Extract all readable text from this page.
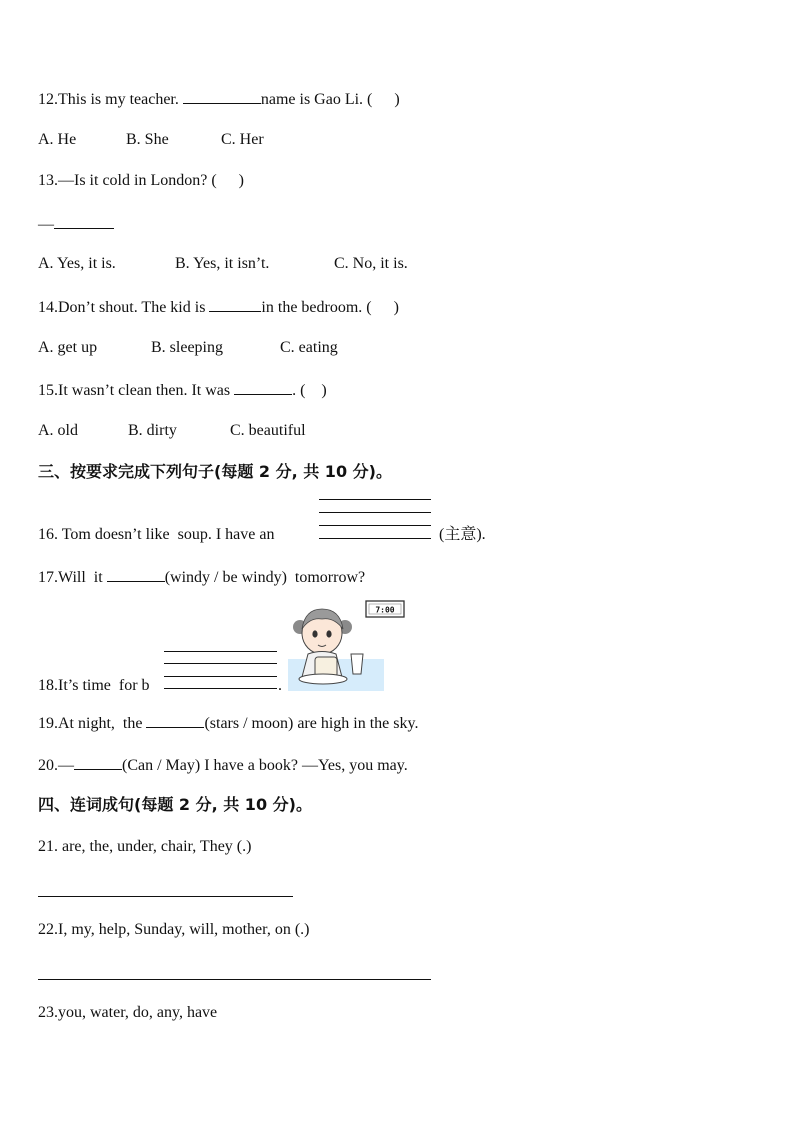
12.This is my teacher.	name is Gao Li. ( )
A. He	B. She	C. Her
13.—Is it cold in London? ( )
—
A. Yes, it is.	B. Yes, it isn’t.	C. No, it is.
14.Don’t shout. The kid is	in the bedroom. ( )
A. get up	B. sleeping	C. eating
15.It wasn’t clean then. It was	. ( )
A. old	B. dirty	C. beautiful
三、按要求完成下列句子(每题 2 分, 共 10 分)。
16. Tom doesn’t like  soup. I have an	(主意).
17.Will  it	(windy / be windy)  tomorrow?
18.It’s time  for b	.
7:00
19.At night,  the	(stars / moon) are high in the sky.
20.—	(Can / May) I have a book? —Yes, you may.
四、连词成句(每题 2 分, 共 10 分)。
21. are, the, under, chair, They (.)
22.I, my, help, Sunday, will, mother, on (.)
23.you, water, do, any, have
